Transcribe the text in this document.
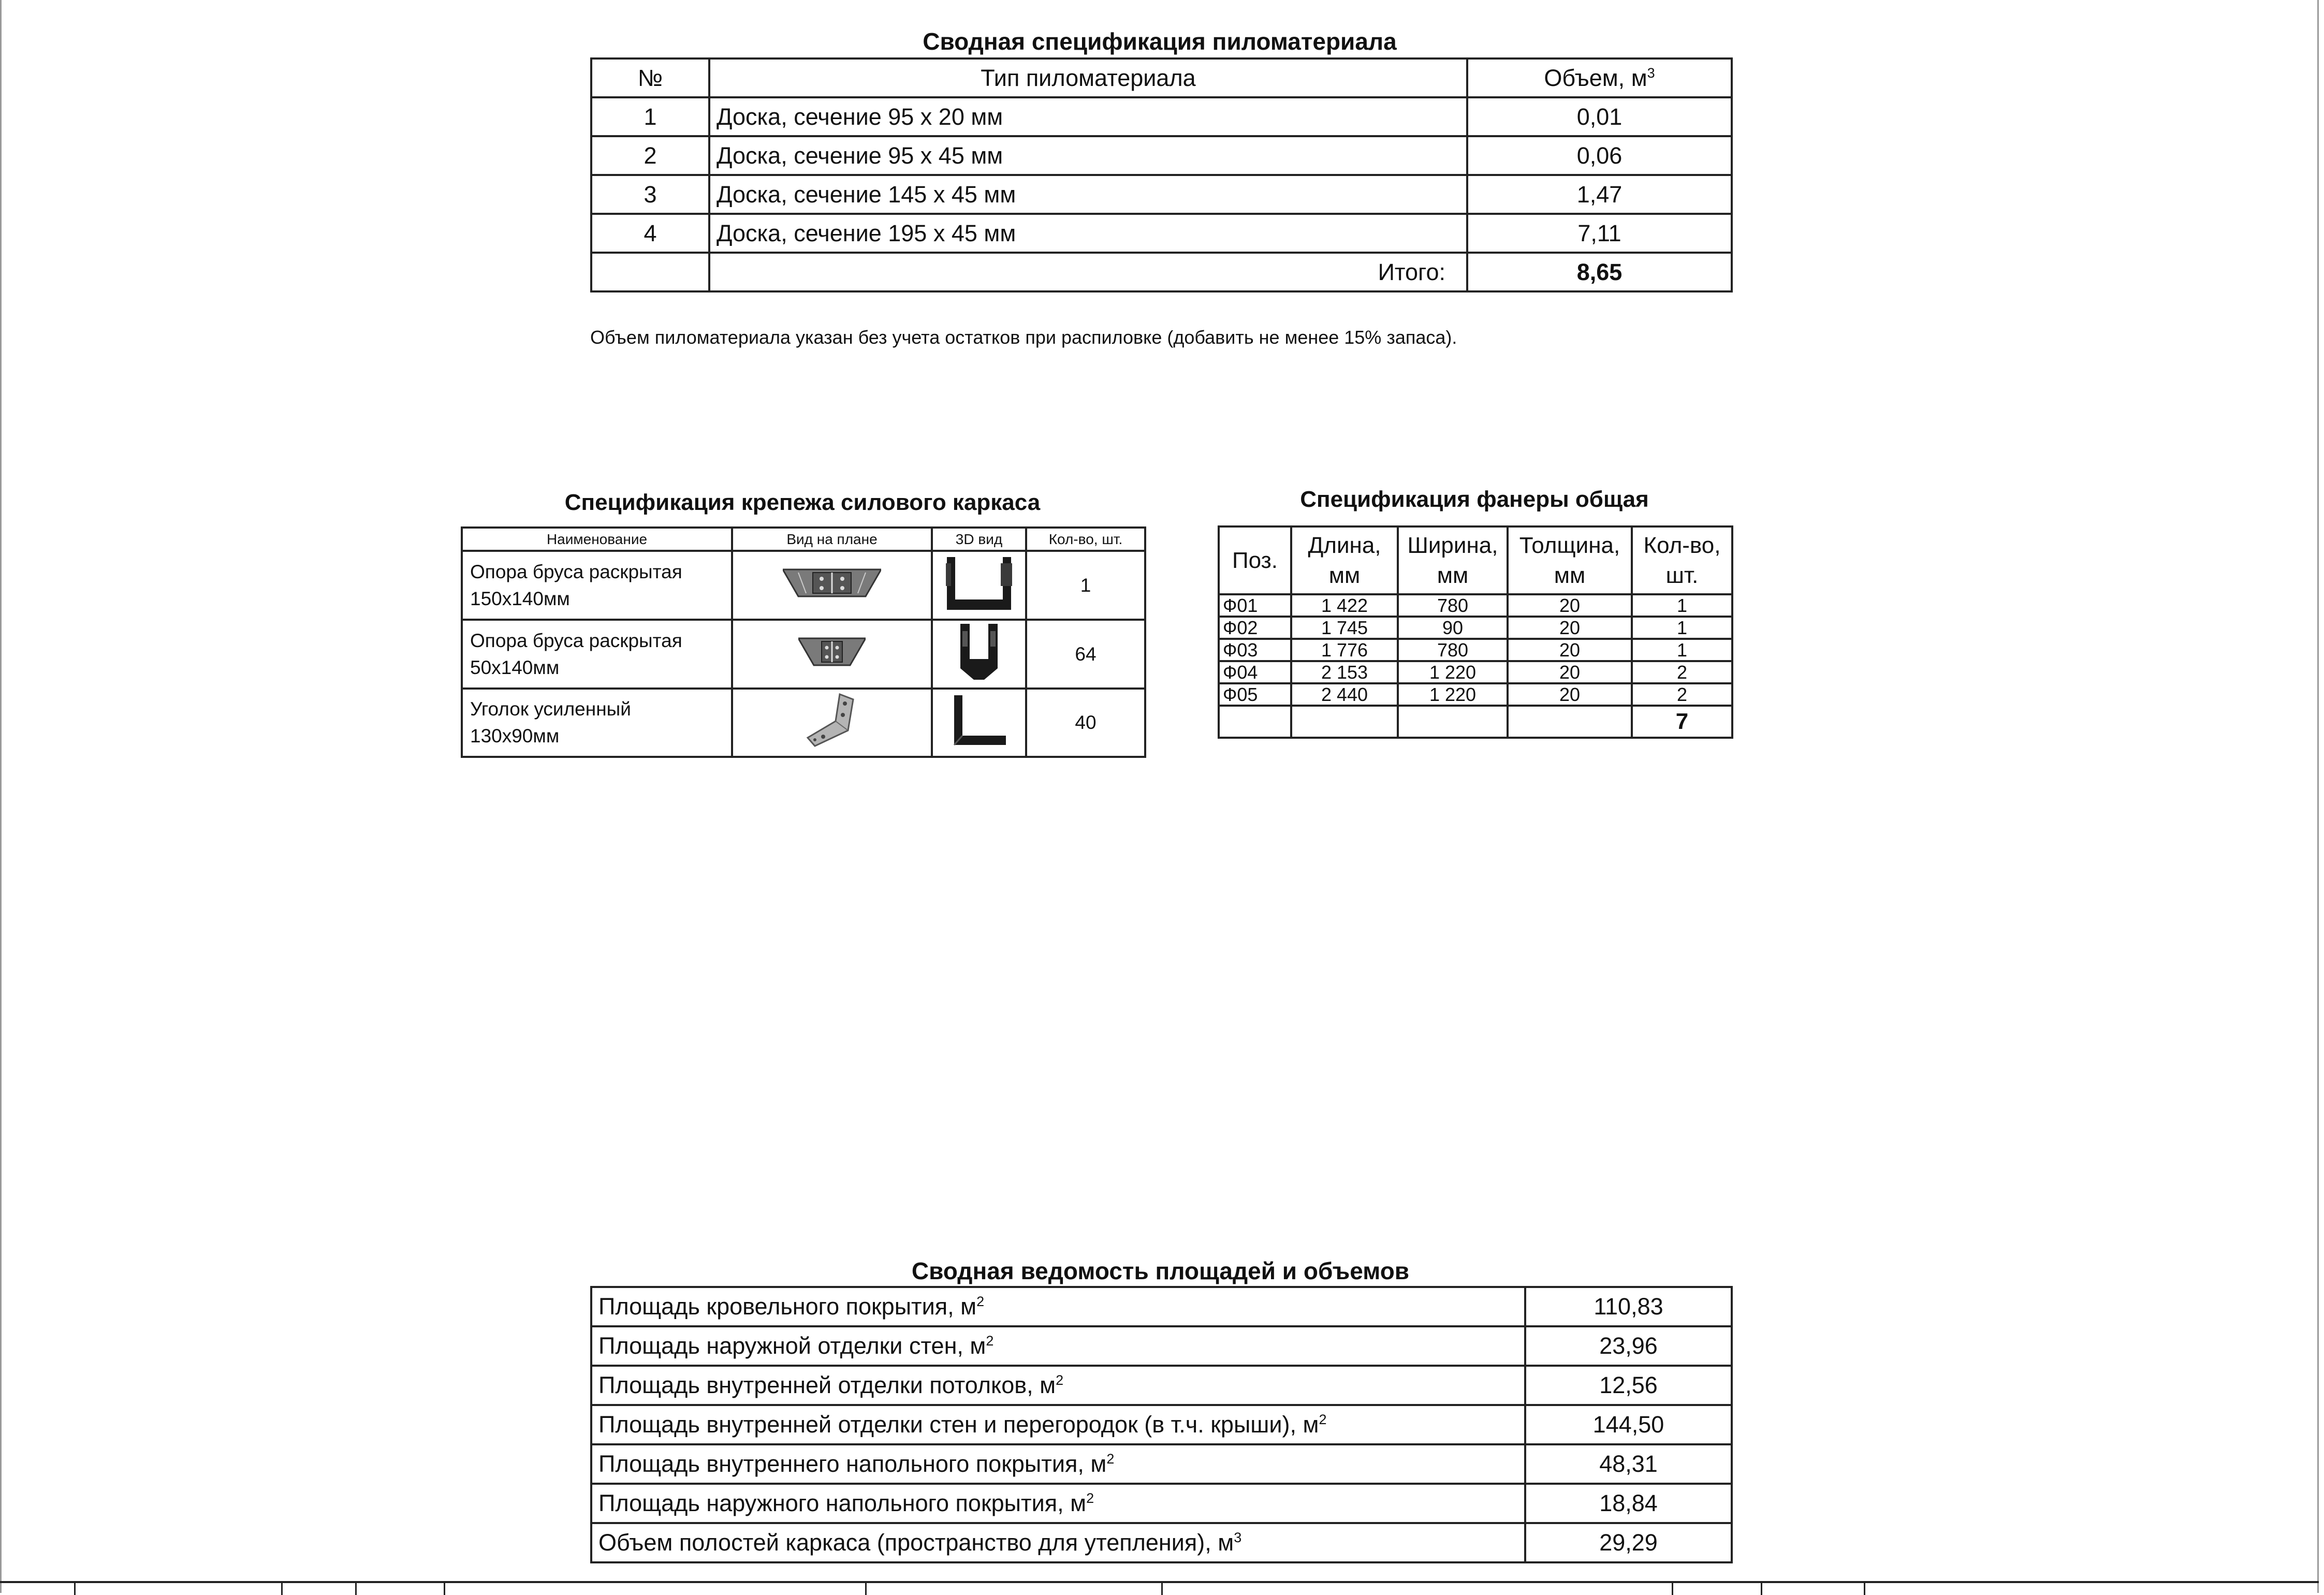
Сводная спецификация пиломатериала
№	Тип пиломатериала	Объем, $м^3$
1	Доска, сечение 95 х 20 мм	0,01
2	Доска, сечение 95 х 45 мм	0,06
3	Доска, сечение 145 х 45 мм	1,47
4	Доска, сечение 195 х 45 мм	7,11
	Итого:	8,65
Объем пиломатериала указан без учета остатков при распиловке (добавить не менее 15% запаса).
Спецификация крепежа силового каркаса
Наименование	Вид на плане	3D вид	Кол-во, шт.
Опора бруса раскрытая 150х140мм			1
Опора бруса раскрытая 50х140мм			64
Уголок усиленный 130х90мм			40
Спецификация фанеры общая
Поз.	Длина, мм	Ширина, мм	Толщина, мм	Кол-во, шт.
Ф01	1 422	780	20	1
Ф02	1 745	90	20	1
Ф03	1 776	780	20	1
Ф04	2 153	1 220	20	2
Ф05	2 440	1 220	20	2
				7
Сводная ведомость площадей и объемов
Площадь кровельного покрытия, $м^2$	110,83
Площадь наружной отделки стен, $м^2$	23,96
Площадь внутренней отделки потолков, $м^2$	12,56
Площадь внутренней отделки стен и перегородок (в т.ч. крыши), $м^2$	144,50
Площадь внутреннего напольного покрытия, $м^2$	48,31
Площадь наружного напольного покрытия, $м^2$	18,84
Объем полостей каркаса (пространство для утепления), $м^3$	29,29
